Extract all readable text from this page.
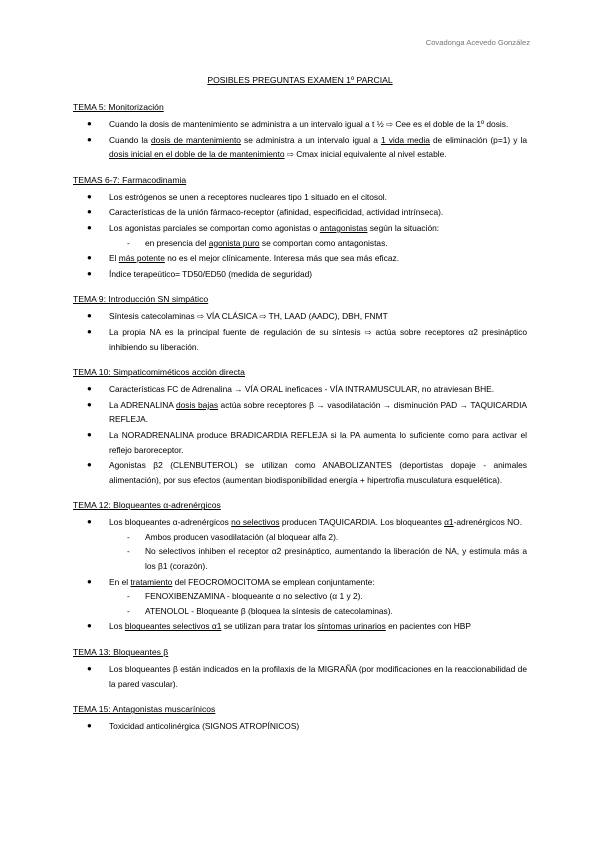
Covadonga Acevedo González
POSIBLES PREGUNTAS EXAMEN 1º PARCIAL
TEMA 5: Monitorización
● Cuando la dosis de mantenimiento se administra a un intervalo igual a t ½ ⇨ Cee es el doble de la 1º dosis.
● Cuando la dosis de mantenimiento se administra a un intervalo igual a 1 vida media de eliminación (p=1) y la dosis inicial en el doble de la de mantenimiento ⇨ Cmax inicial equivalente al nivel estable.
TEMAS 6-7: Farmacodinamia
● Los estrógenos se unen a receptores nucleares tipo 1 situado en el citosol.
● Características de la unión fármaco-receptor (afinidad, especificidad, actividad intrínseca).
● Los agonistas parciales se comportan como agonistas o antagonistas según la situación:
- en presencia del agonista puro se comportan como antagonistas.
● El más potente no es el mejor clínicamente. Interesa más que sea más eficaz.
● Índice terapeútico= TD50/ED50 (medida de seguridad)
TEMA 9: Introducción SN simpático
● Síntesis catecolaminas ⇨ VÍA CLÁSICA ⇨ TH, LAAD (AADC), DBH, FNMT
● La propia NA es la principal fuente de regulación de su síntesis ⇨ actúa sobre receptores α2 presináptico inhibiendo su liberación.
TEMA 10: Simpaticomiméticos acción directa
● Características FC de Adrenalina → VÍA ORAL ineficaces - VÍA INTRAMUSCULAR, no atraviesan BHE.
● La ADRENALINA dosis bajas actúa sobre receptores β → vasodilatación → disminución PAD → TAQUICARDIA REFLEJA.
● La NORADRENALINA produce BRADICARDIA REFLEJA si la PA aumenta lo suficiente como para activar el reflejo baroreceptor.
● Agonistas β2 (CLENBUTEROL) se utilizan como ANABOLIZANTES (deportistas dopaje - animales alimentación), por sus efectos (aumentan biodisponibilidad energía + hipertrofia musculatura esquelética).
TEMA 12: Bloqueantes α-adrenérgicos
● Los bloqueantes α-adrenérgicos no selectivos producen TAQUICARDIA. Los bloqueantes α1-adrenérgicos NO.
- Ambos producen vasodilatación (al bloquear alfa 2).
- No selectivos inhiben el receptor α2 presináptico, aumentando la liberación de NA, y estimula más a los β1 (corazón).
● En el tratamiento del FEOCROMOCITOMA se emplean conjuntamente:
- FENOXIBENZAMINA - bloqueante α no selectivo (α 1 y 2).
- ATENOLOL - Bloqueante β (bloquea la síntesis de catecolaminas).
● Los bloqueantes selectivos α1 se utilizan para tratar los síntomas urinarios en pacientes con HBP
TEMA 13: Bloqueantes β
● Los bloqueantes β están indicados en la profilaxis de la MIGRAÑA (por modificaciones en la reaccionabilidad de la pared vascular).
TEMA 15: Antagonistas muscarínicos
● Toxicidad anticolinérgica (SIGNOS ATROPÍNICOS)
